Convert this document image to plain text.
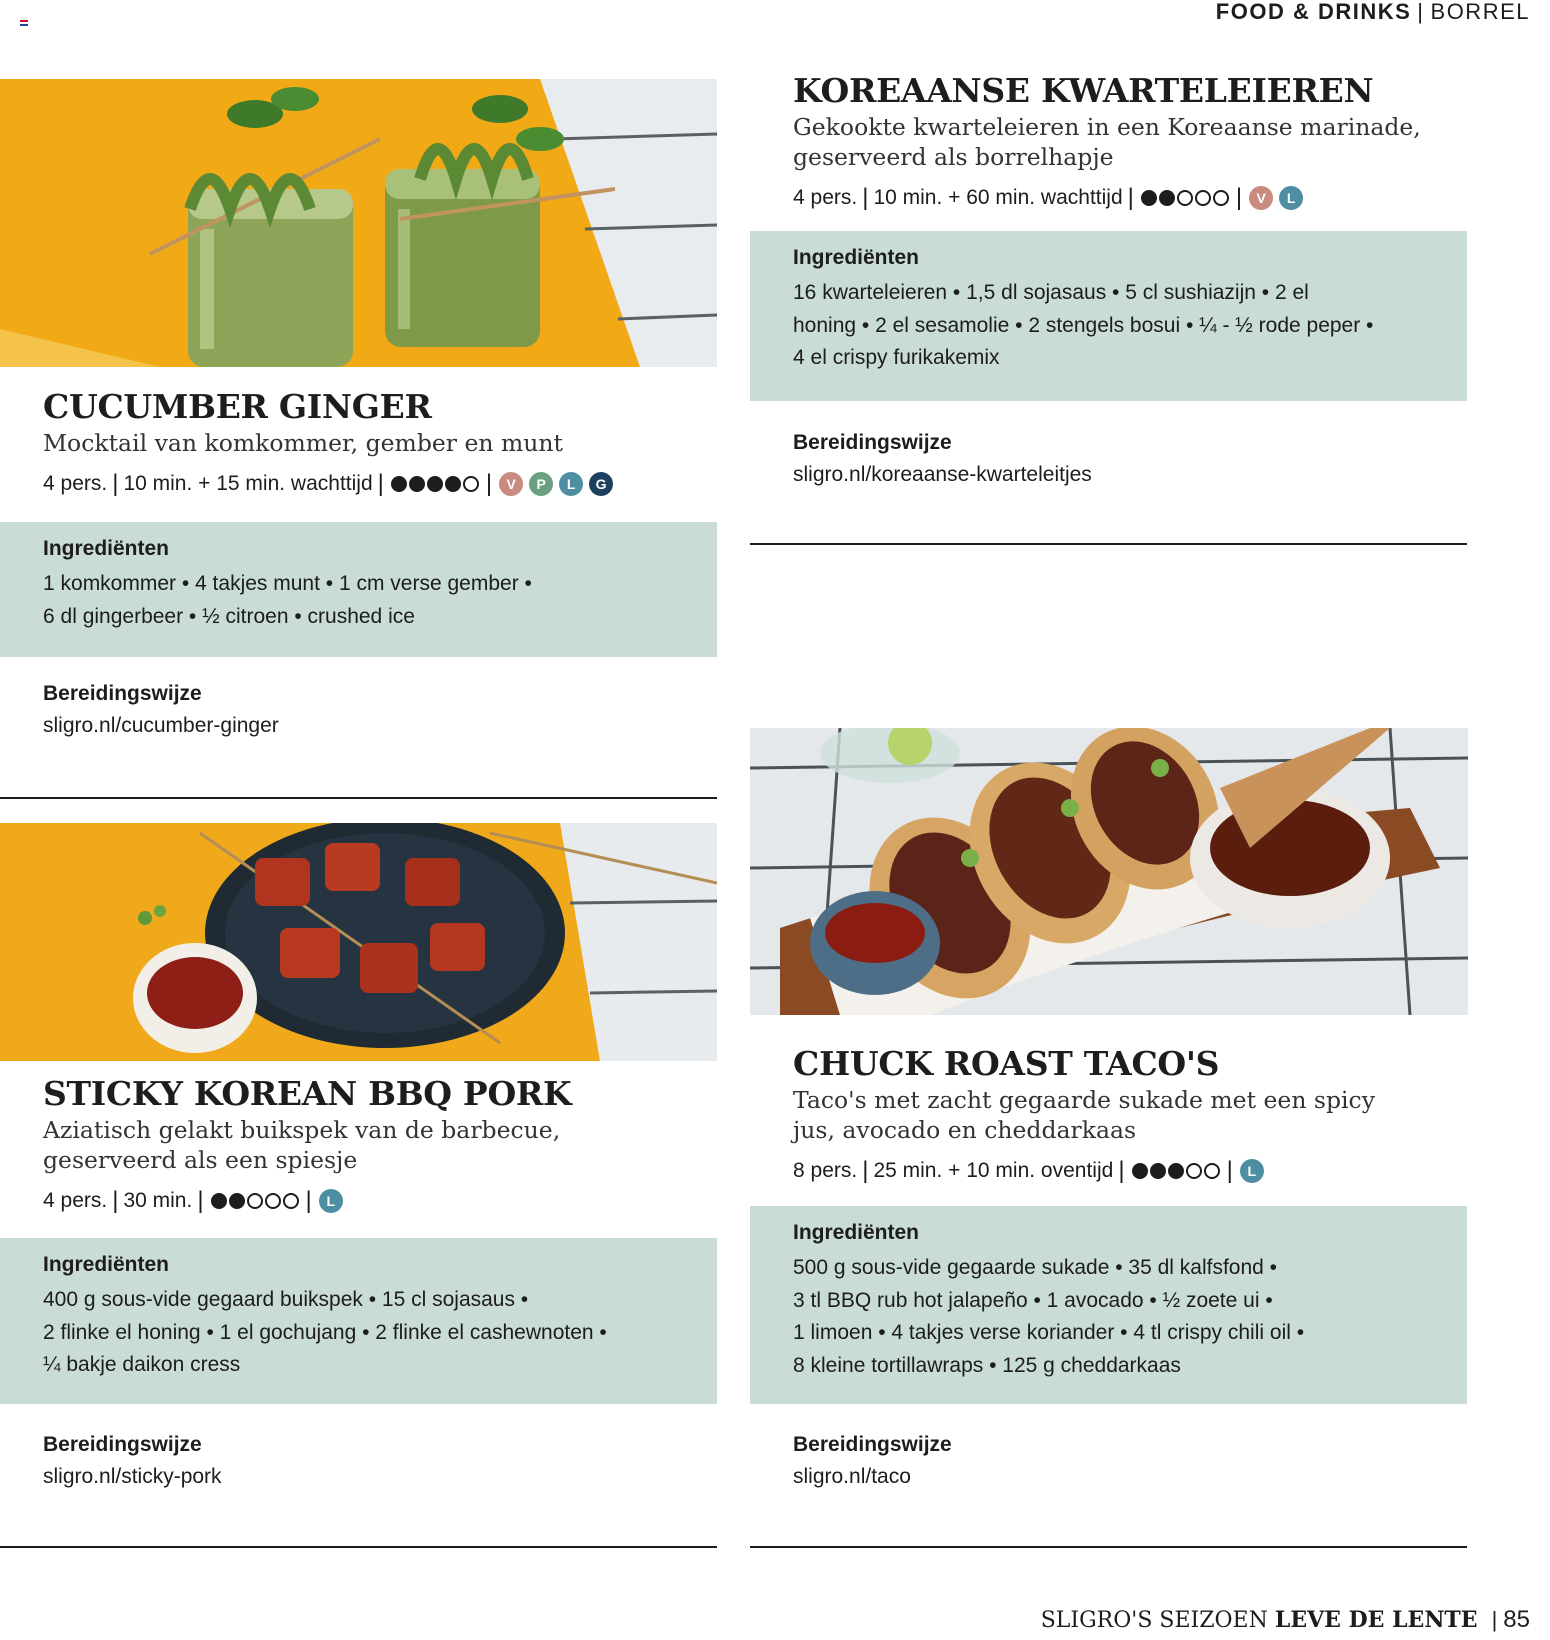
FOOD & DRINKS | BORREL
CUCUMBER GINGER

Mocktail van komkommer, gember en munt

4 pers. | 10 min. + 15 min. wachttijd |	|	V	P	L	G
Ingrediënten

1 komkommer • 4 takjes munt • 1 cm verse gember •
6 dl gingerbeer • ½ citroen • crushed ice

Bereidingswijze
sligro.nl/cucumber-ginger
KOREAANSE KWARTELEIEREN

Gekookte kwarteleieren in een Koreaanse marinade,
geserveerd als borrelhapje

4 pers. | 10 min. + 60 min. wachttijd |	|	V	L
Ingrediënten

16 kwarteleieren • 1,5 dl sojasaus • 5 cl sushiazijn • 2 el
honing • 2 el sesamolie • 2 stengels bosui • ¼ - ½ rode peper •
4 el crispy furikakemix

Bereidingswijze
sligro.nl/koreaanse-kwarteleitjes
STICKY KOREAN BBQ PORK

Aziatisch gelakt buikspek van de barbecue,
geserveerd als een spiesje

4 pers. | 30 min. |	|	L
Ingrediënten

400 g sous-vide gegaard buikspek • 15 cl sojasaus •
2 flinke el honing • 1 el gochujang • 2 flinke el cashewnoten •
¼ bakje daikon cress

Bereidingswijze
sligro.nl/sticky-pork
CHUCK ROAST TACO'S

Taco's met zacht gegaarde sukade met een spicy
jus, avocado en cheddarkaas

8 pers. | 25 min. + 10 min. oventijd |	|	L
Ingrediënten

500 g sous-vide gegaarde sukade • 35 dl kalfsfond •
3 tl BBQ rub hot jalapeño • 1 avocado • ½ zoete ui •
1 limoen • 4 takjes verse koriander • 4 tl crispy chili oil •
8 kleine tortillawraps • 125 g cheddarkaas

Bereidingswijze
sligro.nl/taco
SLIGRO'S SEIZOEN LEVE DE LENTE | 85
